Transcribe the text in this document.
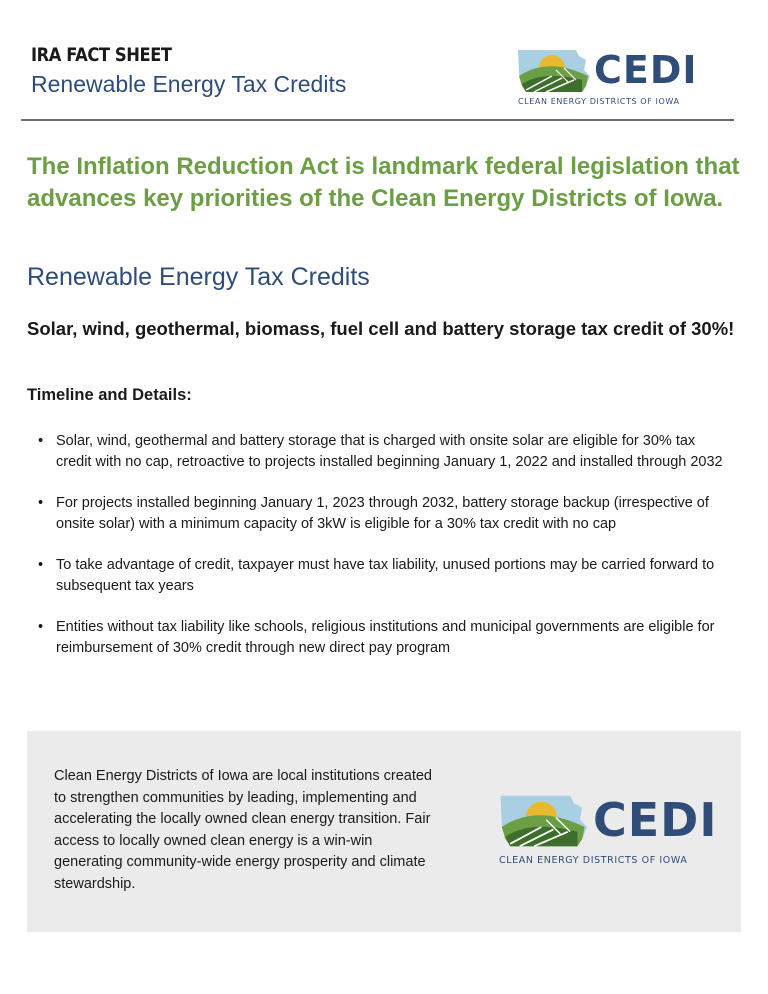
IRA FACT SHEET
Renewable Energy Tax Credits	CEDI
CLEAN ENERGY DISTRICTS OF IOWA
The Inflation Reduction Act is landmark federal legislation that advances key priorities of the Clean Energy Districts of Iowa.
Renewable Energy Tax Credits
Solar, wind, geothermal, biomass, fuel cell and battery storage tax credit of 30%!
Timeline and Details:
• Solar, wind, geothermal and battery storage that is charged with onsite solar are eligible for 30% tax credit with no cap, retroactive to projects installed beginning January 1, 2022 and installed through 2032
• For projects installed beginning January 1, 2023 through 2032, battery storage backup (irrespective of onsite solar) with a minimum capacity of 3kW is eligible for a 30% tax credit with no cap
• To take advantage of credit, taxpayer must have tax liability, unused portions may be carried forward to subsequent tax years
• Entities without tax liability like schools, religious institutions and municipal governments are eligible for reimbursement of 30% credit through new direct pay program
Clean Energy Districts of Iowa are local institutions created to strengthen communities by leading, implementing and accelerating the locally owned clean energy transition. Fair access to locally owned clean energy is a win-win generating community-wide energy prosperity and climate stewardship.
CEDI
CLEAN ENERGY DISTRICTS OF IOWA
